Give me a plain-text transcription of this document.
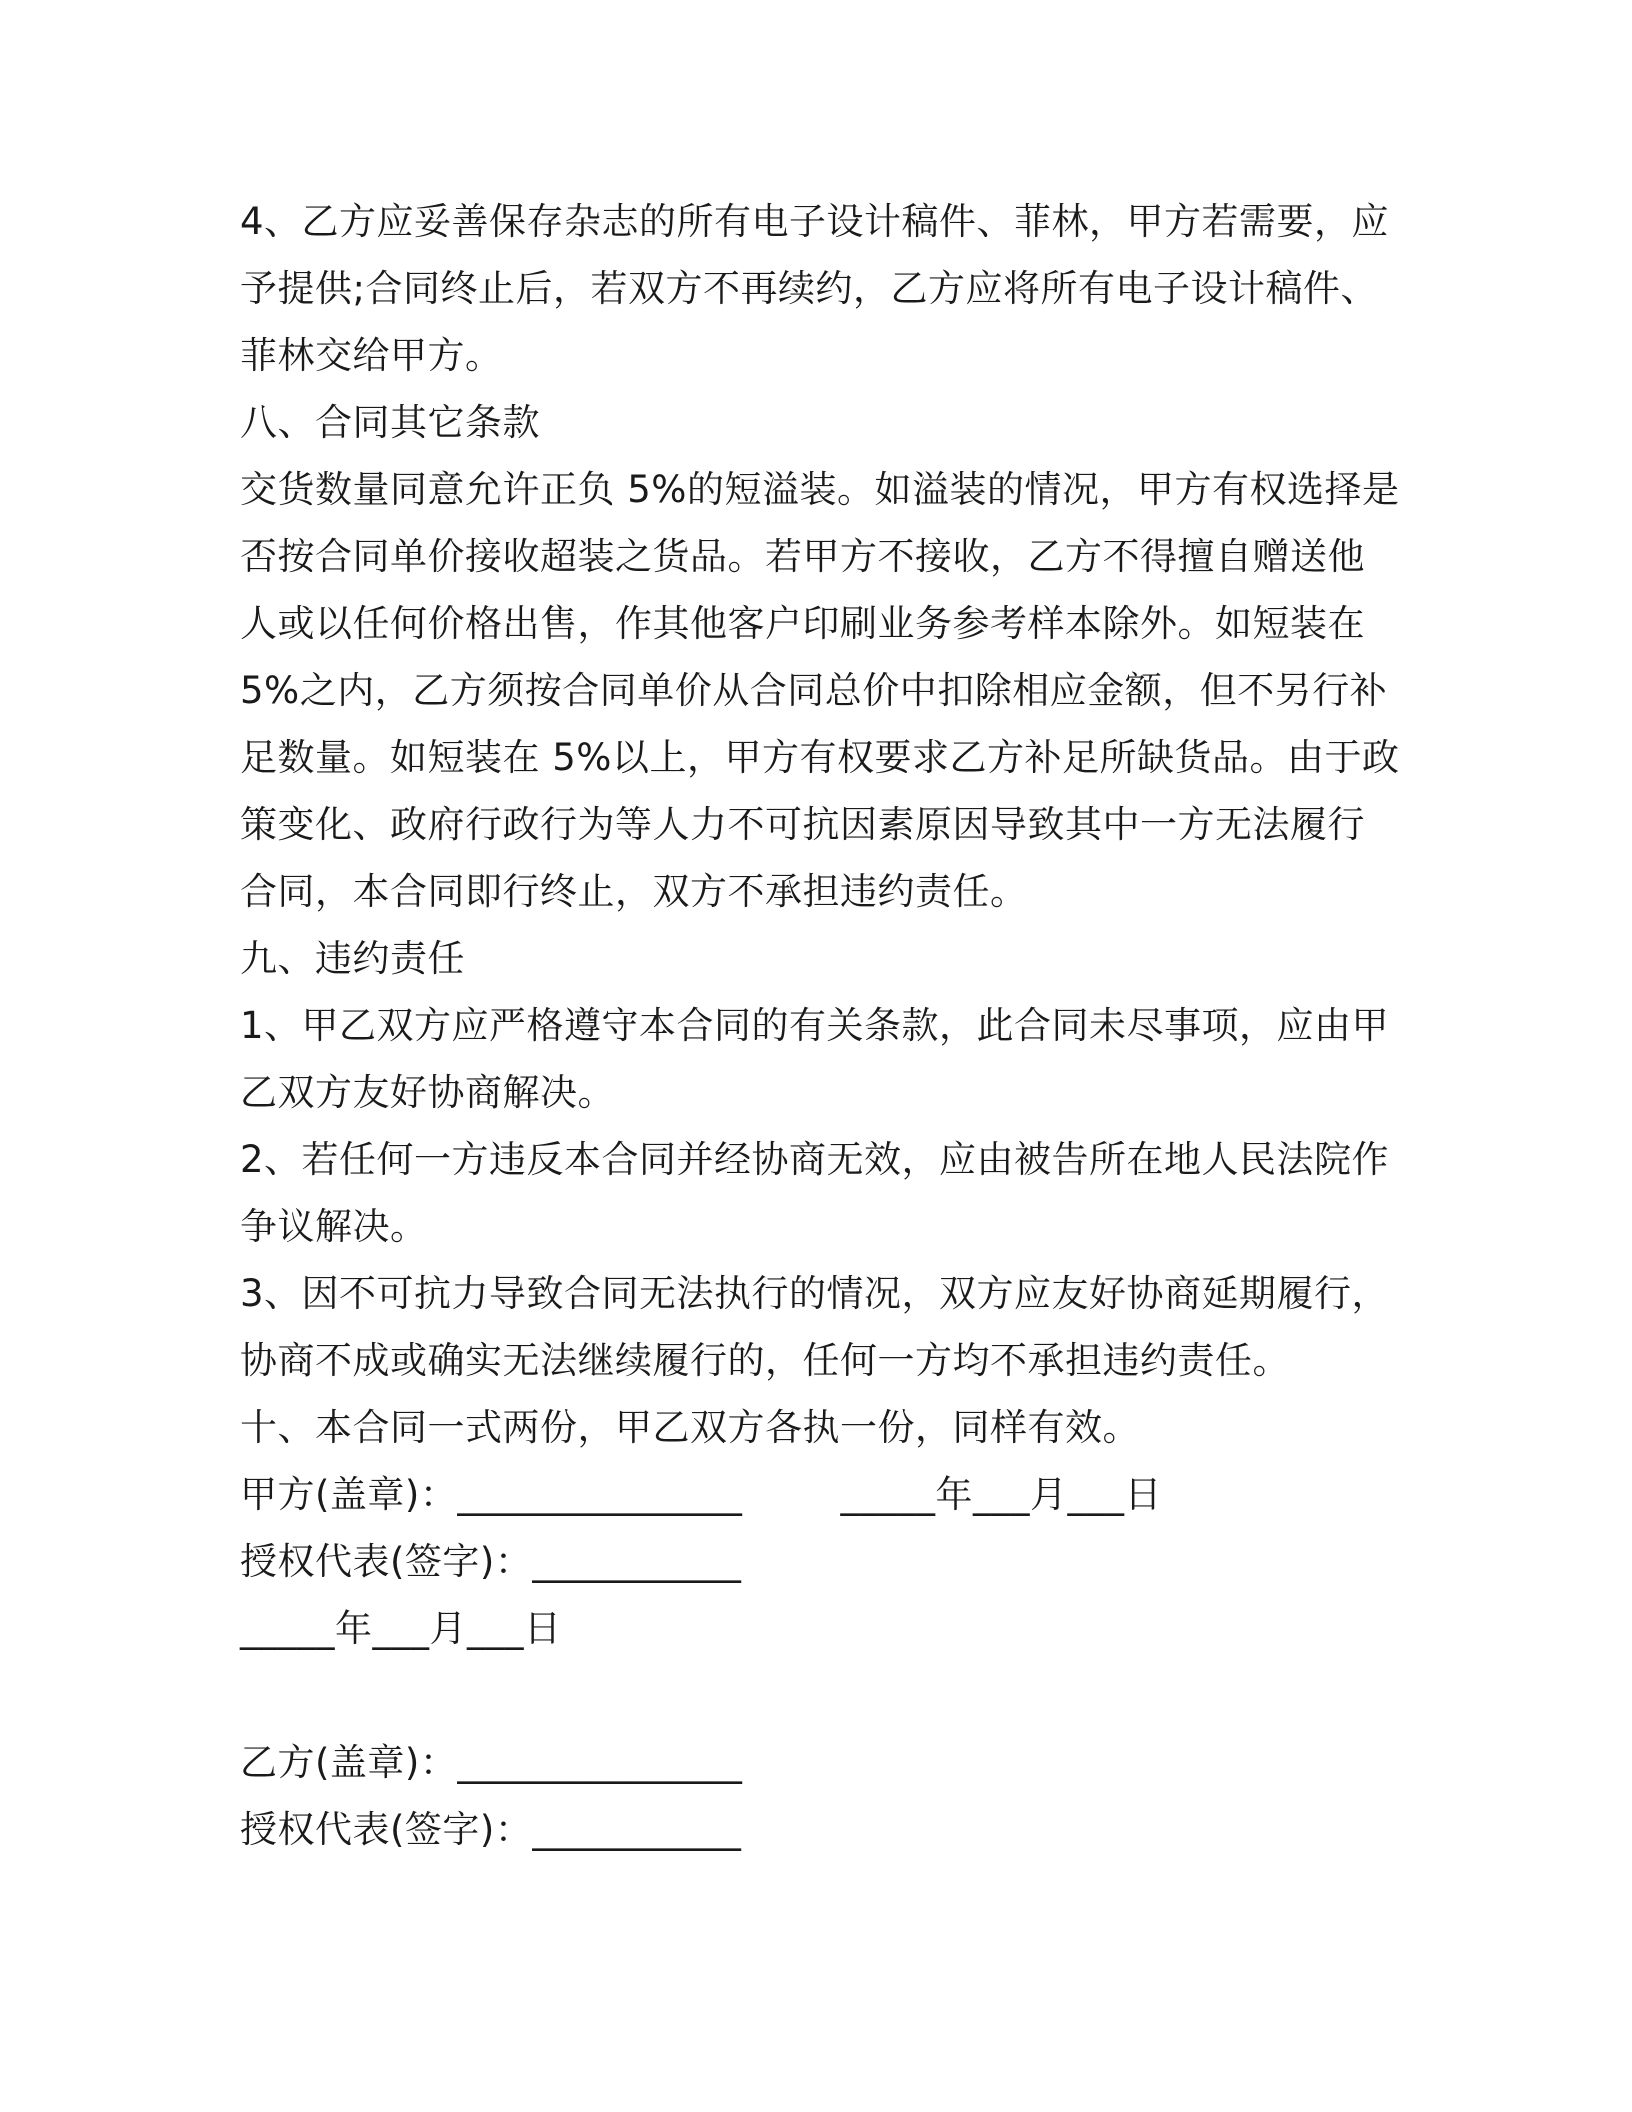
4、乙方应妥善保存杂志的所有电子设计稿件、菲林，甲方若需要，应
予提供;合同终止后，若双方不再续约，乙方应将所有电子设计稿件、
菲林交给甲方。
八、合同其它条款
交货数量同意允许正负 5%的短溢装。如溢装的情况，甲方有权选择是
否按合同单价接收超装之货品。若甲方不接收，乙方不得擅自赠送他
人或以任何价格出售，作其他客户印刷业务参考样本除外。如短装在
5%之内，乙方须按合同单价从合同总价中扣除相应金额，但不另行补
足数量。如短装在 5%以上，甲方有权要求乙方补足所缺货品。由于政
策变化、政府行政行为等人力不可抗因素原因导致其中一方无法履行
合同，本合同即行终止，双方不承担违约责任。
九、违约责任
1、甲乙双方应严格遵守本合同的有关条款，此合同未尽事项，应由甲
乙双方友好协商解决。
2、若任何一方违反本合同并经协商无效，应由被告所在地人民法院作
争议解决。
3、因不可抗力导致合同无法执行的情况，双方应友好协商延期履行，
协商不成或确实无法继续履行的，任何一方均不承担违约责任。
十、本合同一式两份，甲乙双方各执一份，同样有效。
甲方(盖章)：_______________        _____年___月___日
授权代表(签字)：___________
_____年___月___日
乙方(盖章)：_______________
授权代表(签字)：___________
